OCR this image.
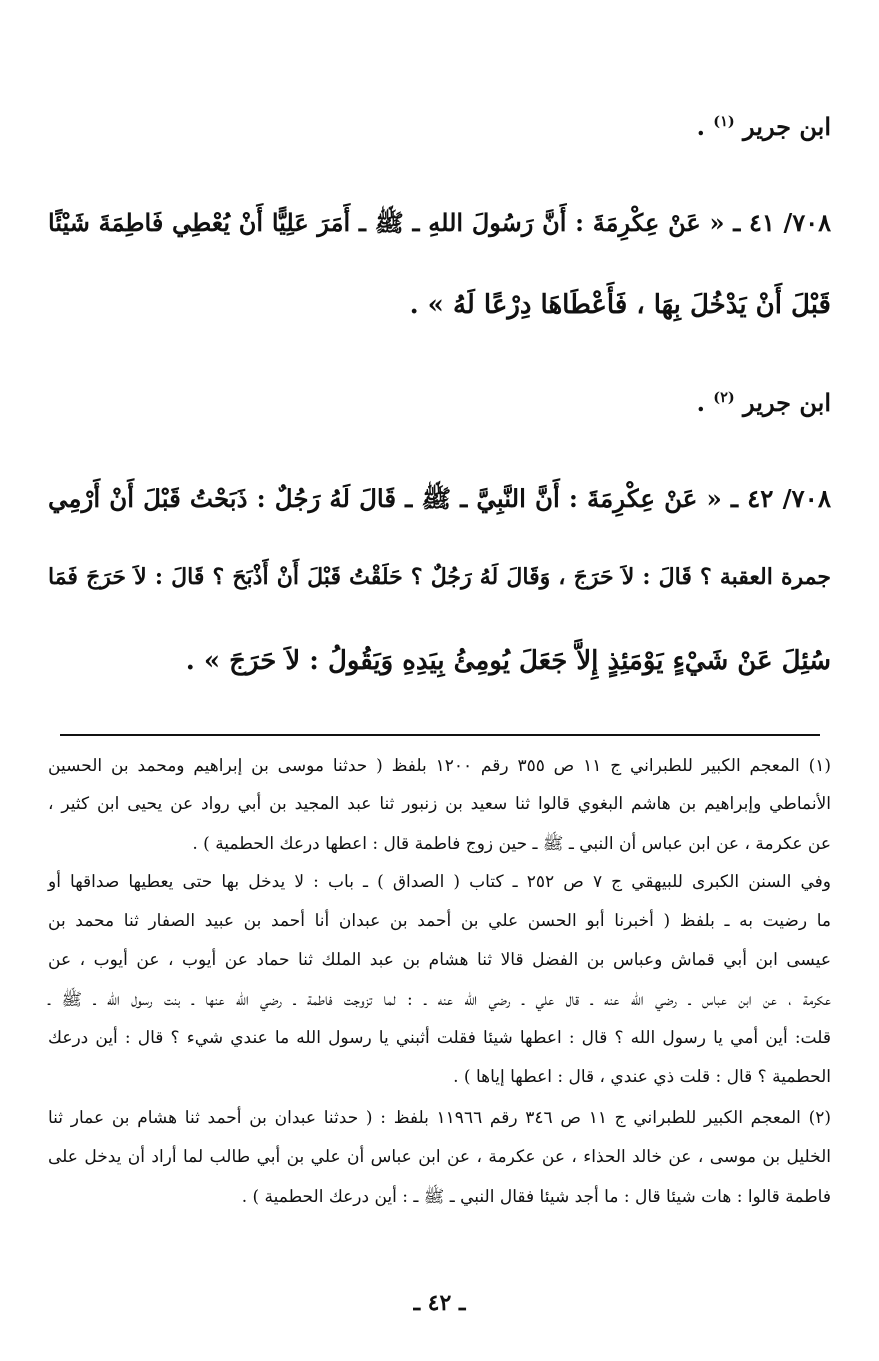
ابن جرير $^{(١)}$ .
٧٠٨/ ٤١ ـ « عَنْ عِكْرِمَةَ : أَنَّ رَسُولَ اللهِ ـ ﷺ ـ أَمَرَ عَلِيًّا أَنْ يُعْطِي فَاطِمَةَ شَيْئًا
قَبْلَ أَنْ يَدْخُلَ بِهَا ، فَأَعْطَاهَا دِرْعًا لَهُ » .
ابن جرير $^{(٢)}$ .
٧٠٨/ ٤٢ ـ « عَنْ عِكْرِمَةَ : أَنَّ النَّبِيَّ ـ ﷺ ـ قَالَ لَهُ رَجُلٌ : ذَبَحْتُ قَبْلَ أَنْ أَرْمِي
جمرة العقبة ؟ قَالَ : لاَ حَرَجَ ، وَقَالَ لَهُ رَجُلٌ ؟ حَلَقْتُ قَبْلَ أَنْ أَذْبَحَ ؟ قَالَ : لاَ حَرَجَ فَمَا
سُئِلَ عَنْ شَيْءٍ يَوْمَئِذٍ إِلاَّ جَعَلَ يُومِئُ بِيَدِهِ وَيَقُولُ : لاَ حَرَجَ » .
(١) المعجم الكبير للطبراني ج ١١ ص ٣٥٥ رقم ١٢٠٠ بلفظ ( حدثنا موسى بن إبراهيم ومحمد بن الحسين
الأنماطي وإبراهيم بن هاشم البغوي قالوا ثنا سعيد بن زنبور ثنا عبد المجيد بن أبي رواد عن يحيى ابن كثير ،
عن عكرمة ، عن ابن عباس أن النبي ـ ﷺ ـ حين زوج فاطمة قال : اعطها درعك الحطمية ) .
وفي السنن الكبرى للبيهقي ج ٧ ص ٢٥٢ ـ كتاب ( الصداق ) ـ باب : لا يدخل بها حتى يعطيها صداقها أو
ما رضيت به ـ بلفظ ( أخبرنا أبو الحسن علي بن أحمد بن عبدان أنا أحمد بن عبيد الصفار ثنا محمد بن
عيسى ابن أبي قماش وعباس بن الفضل قالا ثنا هشام بن عبد الملك ثنا حماد عن أيوب ، عن أيوب ، عن
عكرمة ، عن ابن عباس ـ رضي الله عنه ـ قال علي ـ رضي الله عنه ـ : لما تزوجت فاطمة ـ رضي الله عنها ـ بنت رسول الله ـ ﷺ ـ
قلت: أين أمي يا رسول الله ؟ قال : اعطها شيئا فقلت أثبني يا رسول الله ما عندي شيء ؟ قال : أين درعك
الحطمية ؟ قال : قلت ذي عندي ، قال : اعطها إياها ) .
(٢) المعجم الكبير للطبراني ج ١١ ص ٣٤٦ رقم ١١٩٦٦ بلفظ : ( حدثنا عبدان بن أحمد ثنا هشام بن عمار ثنا
الخليل بن موسى ، عن خالد الحذاء ، عن عكرمة ، عن ابن عباس أن علي بن أبي طالب لما أراد أن يدخل على
فاطمة قالوا : هات شيئا قال : ما أجد شيئا فقال النبي ـ ﷺ ـ : أين درعك الحطمية ) .
ـ ٤٢ ـ
